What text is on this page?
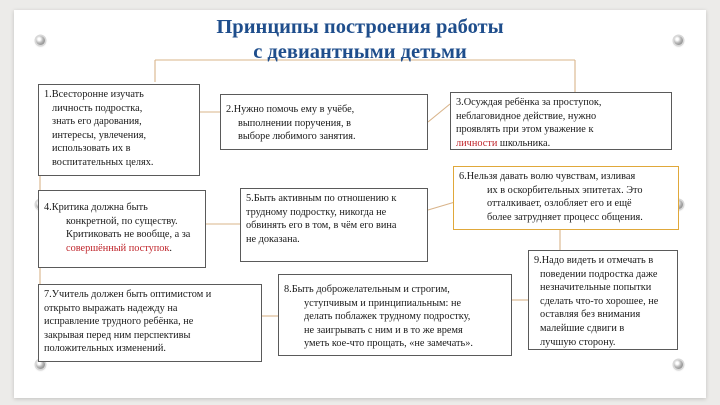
Принципы построения работы
с девиантными детьми
1.Всесторонне изучать
личность подростка,
знать его дарования,
интересы, увлечения,
использовать их в
воспитательных целях.
2.Нужно помочь ему в учёбе,
выполнении поручения, в
выборе любимого занятия.
3.Осуждая ребёнка за проступок,
неблаговидное действие, нужно
проявлять при этом уважение к
личности школьника.
4.Критика должна быть
конкретной, по существу.
Критиковать не вообще, а за
совершённый поступок.
5.Быть активным по отношению к
трудному подростку, никогда не
обвинять его в том, в чём его вина
не доказана.
6.Нельзя давать волю чувствам, изливая
их в оскорбительных эпитетах. Это
отталкивает, озлобляет его и ещё
более затрудняет процесс общения.
7.Учитель должен быть оптимистом и
открыто выражать надежду на
исправление трудного ребёнка, не
закрывая перед ним перспективы
положительных изменений.
8.Быть доброжелательным и строгим,
уступчивым и принципиальным: не
делать поблажек трудному подростку,
не заигрывать с ним и в то же время
уметь кое-что прощать, «не замечать».
9.Надо видеть и отмечать в
поведении подростка даже
незначительные попытки
сделать что-то хорошее, не
оставляя без внимания
малейшие сдвиги в
лучшую сторону.
